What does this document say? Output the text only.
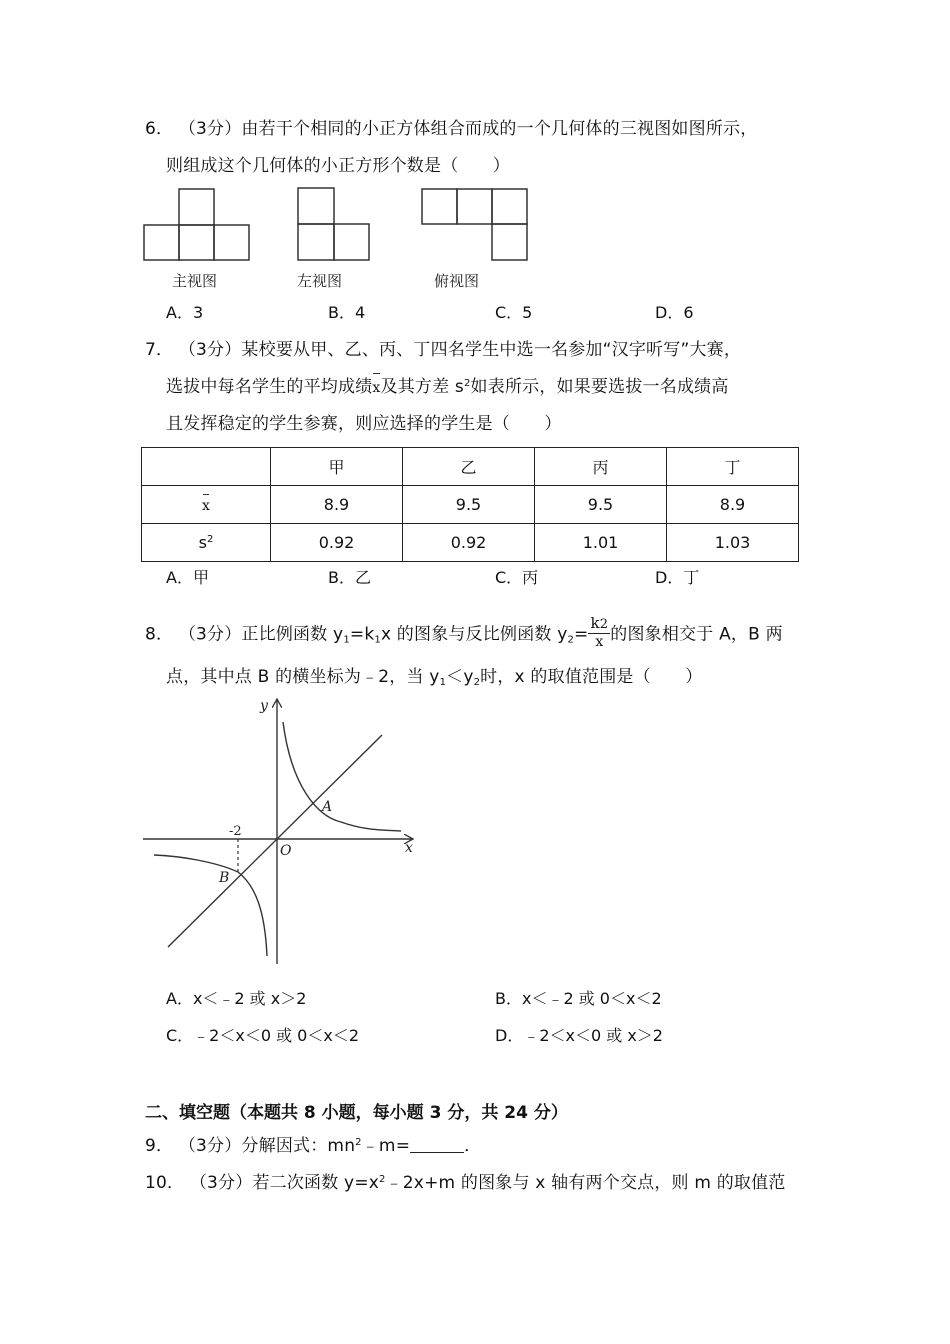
6． （3分）由若干个相同的小正方体组合而成的一个几何体的三视图如图所示，
则组成这个几何体的小正方形个数是（　　）
主视图	左视图	俯视图
A．3	B．4	C．5	D．6
7． （3分）某校要从甲、乙、丙、丁四名学生中选一名参加“汉字听写”大赛，
选拔中每名学生的平均成绩x及其方差 $s^2$如表所示，如果要选拔一名成绩高
且发挥稳定的学生参赛，则应选择的学生是（　　）
	甲	乙	丙	丁
x	8.9	9.5	9.5	8.9
$s^2$	0.92	0.92	1.01	1.03
A．甲	B．乙	C．丙	D．丁
8． （3分）正比例函数 $y_1=k_1x$ 的图象与反比例函数 $y_2= \frac{k2}{x}$ 的图象相交于 A，B 两
点，其中点 B 的横坐标为﹣2，当 $y_1<y_2$时，x 的取值范围是（　　）
y
x
O
A
B
-2
A．x＜﹣2 或 x＞2	B．x＜﹣2 或 0＜x＜2
C．﹣2＜x＜0 或 0＜x＜2	D．﹣2＜x＜0 或 x＞2
二、填空题（本题共 8 小题，每小题 3 分，共 24 分）
9． （3分）分解因式：$mn^2﹣m=$	．
10． （3分）若二次函数 $y=x^2﹣2x+m$ 的图象与 x 轴有两个交点，则 m 的取值范
